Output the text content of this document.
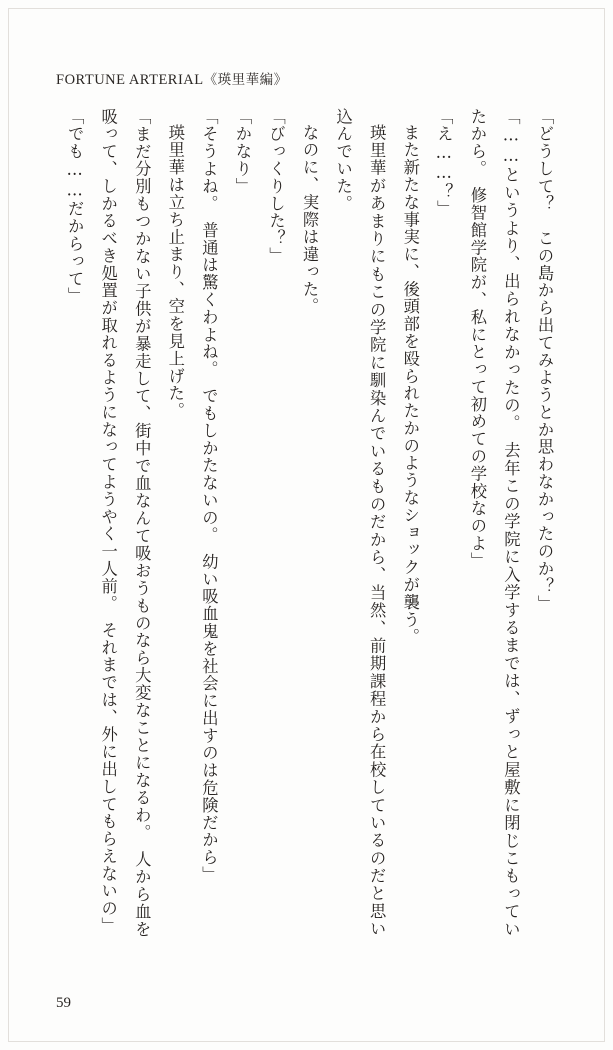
FORTUNE ARTERIAL《瑛里華編》

「どうして？　この島から出てみようとか思わなかったのか？」

「……というより、出られなかったの。　去年この学院に入学するまでは、ずっと屋敷に閉じこもっていたから。　修智館学院が、私にとって初めての学校なのよ」

「え……？」

また新たな事実に、後頭部を殴られたかのようなショックが襲う。

瑛里華があまりにもこの学院に馴染んでいるものだから、当然、前期課程から在校しているのだと思い込んでいた。

なのに、実際は違った。

「びっくりした？」

「かなり」

「そうよね。　普通は驚くわよね。　でもしかたないの。　幼い吸血鬼を社会に出すのは危険だから」

瑛里華は立ち止まり、空を見上げた。

「まだ分別もつかない子供が暴走して、街中で血なんて吸おうものなら大変なことになるわ。　人から血を吸って、しかるべき処置が取れるようになってようやく一人前。　それまでは、外に出してもらえないの」

「でも……だからって」

59
